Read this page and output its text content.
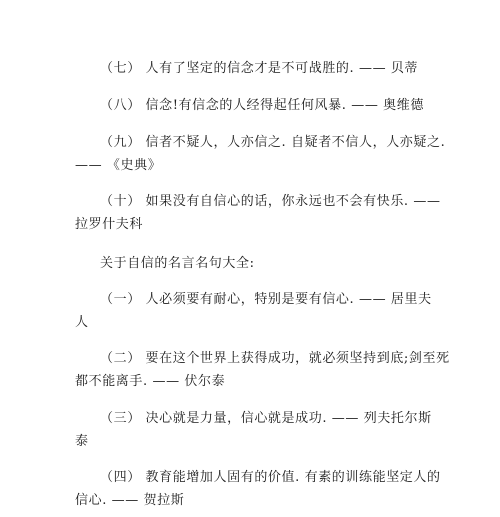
（七） 人有了坚定的信念才是不可战胜的. —— 贝蒂
（八） 信念!有信念的人经得起任何风暴. —— 奥维德
（九） 信者不疑人，人亦信之. 自疑者不信人，人亦疑之.
—— 《史典》
（十） 如果没有自信心的话，你永远也不会有快乐. ——
拉罗什夫科
关于自信的名言名句大全:
（一） 人必须要有耐心，特别是要有信心. —— 居里夫
人
（二） 要在这个世界上获得成功，就必须坚持到底;剑至死
都不能离手. —— 伏尔泰
（三） 决心就是力量，信心就是成功. —— 列夫托尔斯
泰
（四） 教育能增加人固有的价值. 有素的训练能坚定人的
信心. —— 贺拉斯
